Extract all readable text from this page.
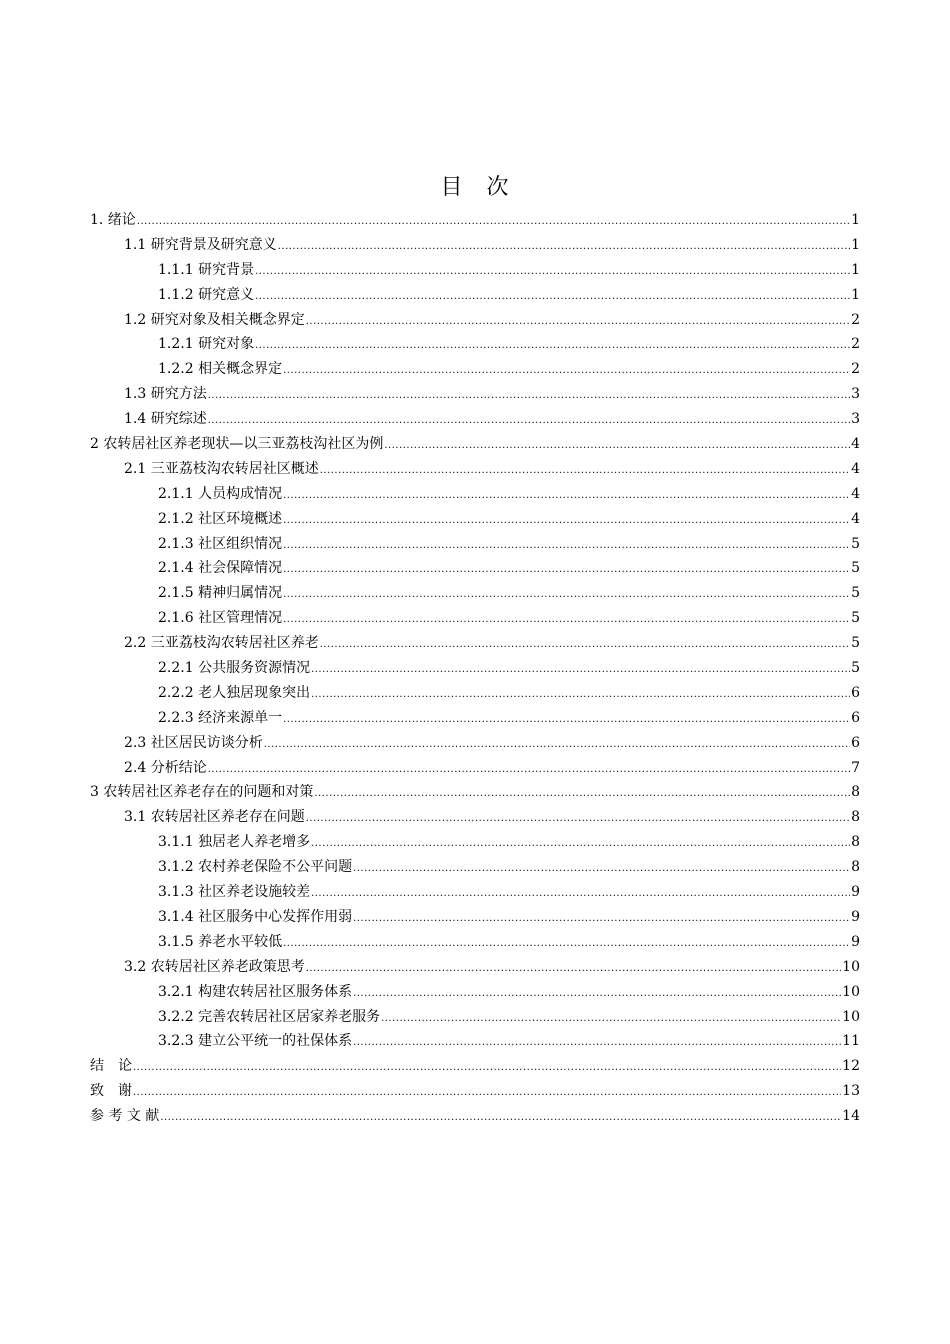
目　次
1. 绪论 .....	1
1.1 研究背景及研究意义 .....	1
1.1.1 研究背景 .....	1
1.1.2 研究意义 .....	1
1.2 研究对象及相关概念界定 .....	2
1.2.1 研究对象 .....	2
1.2.2 相关概念界定 .....	2
1.3 研究方法 .....	3
1.4 研究综述 .....	3
2 农转居社区养老现状—以三亚荔枝沟社区为例 .....	4
2.1 三亚荔枝沟农转居社区概述 .....	4
2.1.1 人员构成情况 .....	4
2.1.2 社区环境概述 .....	4
2.1.3 社区组织情况 .....	5
2.1.4 社会保障情况 .....	5
2.1.5 精神归属情况 .....	5
2.1.6 社区管理情况 .....	5
2.2 三亚荔枝沟农转居社区养老 .....	5
2.2.1 公共服务资源情况 .....	5
2.2.2 老人独居现象突出 .....	6
2.2.3 经济来源单一 .....	6
2.3 社区居民访谈分析 .....	6
2.4 分析结论 .....	7
3 农转居社区养老存在的问题和对策 .....	8
3.1 农转居社区养老存在问题 .....	8
3.1.1 独居老人养老增多 .....	8
3.1.2 农村养老保险不公平问题 .....	8
3.1.3 社区养老设施较差 .....	9
3.1.4 社区服务中心发挥作用弱 .....	9
3.1.5 养老水平较低 .....	9
3.2 农转居社区养老政策思考 .....	10
3.2.1 构建农转居社区服务体系 .....	10
3.2.2 完善农转居社区居家养老服务 .....	10
3.2.3 建立公平统一的社保体系 .....	11
结　论 .....	12
致　谢 .....	13
参 考 文 献 .....	14
